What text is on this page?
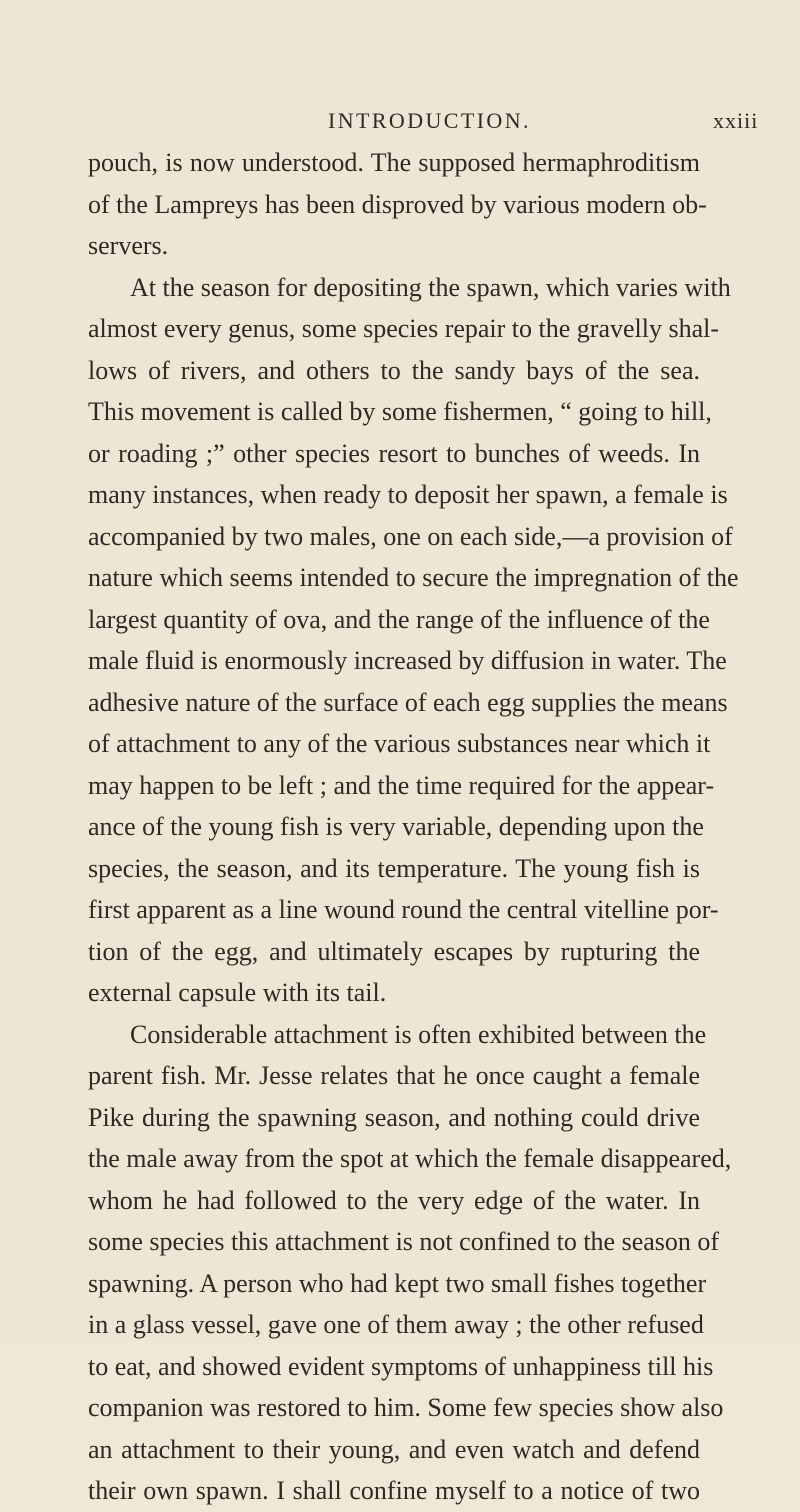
INTRODUCTION.	xxiii
pouch, is now understood. The supposed hermaphroditism
of the Lampreys has been disproved by various modern ob-
servers.
At the season for depositing the spawn, which varies with
almost every genus, some species repair to the gravelly shal-
lows of rivers, and others to the sandy bays of the sea.
This movement is called by some fishermen, “ going to hill,
or roading ;” other species resort to bunches of weeds. In
many instances, when ready to deposit her spawn, a female is
accompanied by two males, one on each side,—a provision of
nature which seems intended to secure the impregnation of the
largest quantity of ova, and the range of the influence of the
male fluid is enormously increased by diffusion in water. The
adhesive nature of the surface of each egg supplies the means
of attachment to any of the various substances near which it
may happen to be left ; and the time required for the appear-
ance of the young fish is very variable, depending upon the
species, the season, and its temperature. The young fish is
first apparent as a line wound round the central vitelline por-
tion of the egg, and ultimately escapes by rupturing the
external capsule with its tail.
Considerable attachment is often exhibited between the
parent fish. Mr. Jesse relates that he once caught a female
Pike during the spawning season, and nothing could drive
the male away from the spot at which the female disappeared,
whom he had followed to the very edge of the water. In
some species this attachment is not confined to the season of
spawning. A person who had kept two small fishes together
in a glass vessel, gave one of them away ; the other refused
to eat, and showed evident symptoms of unhappiness till his
companion was restored to him. Some few species show also
an attachment to their young, and even watch and defend
their own spawn. I shall confine myself to a notice of two
